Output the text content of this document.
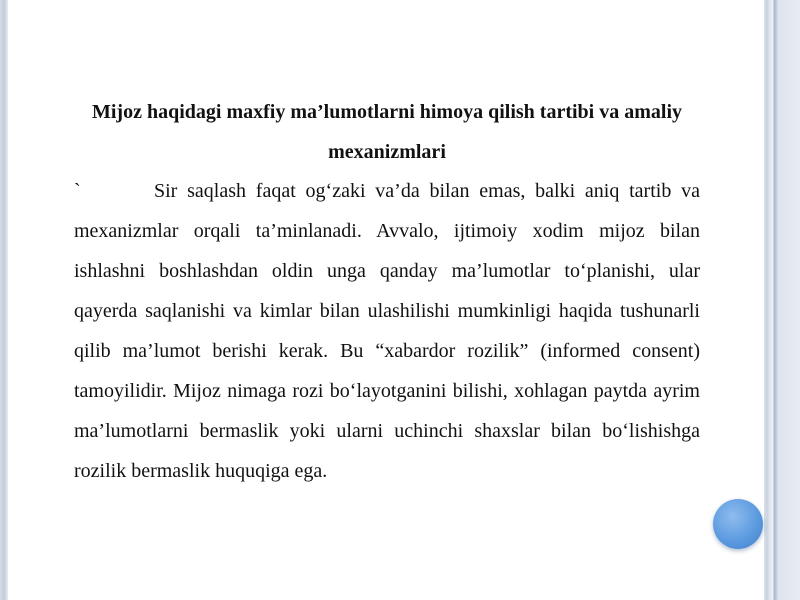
Mijoz haqidagi maxfiy ma’lumotlarni himoya qilish tartibi va amaliy mexanizmlari
`	Sir saqlash faqat og‘zaki va’da bilan emas, balki aniq tartib va mexanizmlar orqali ta’minlanadi. Avvalo, ijtimoiy xodim mijoz bilan ishlashni boshlashdan oldin unga qanday ma’lumotlar to‘planishi, ular qayerda saqlanishi va kimlar bilan ulashilishi mumkinligi haqida tushunarli qilib ma’lumot berishi kerak. Bu “xabardor rozilik” (informed consent) tamoyilidir. Mijoz nimaga rozi bo‘layotganini bilishi, xohlagan paytda ayrim ma’lumotlarni bermaslik yoki ularni uchinchi shaxslar bilan bo‘lishishga rozilik bermaslik huquqiga ega.
